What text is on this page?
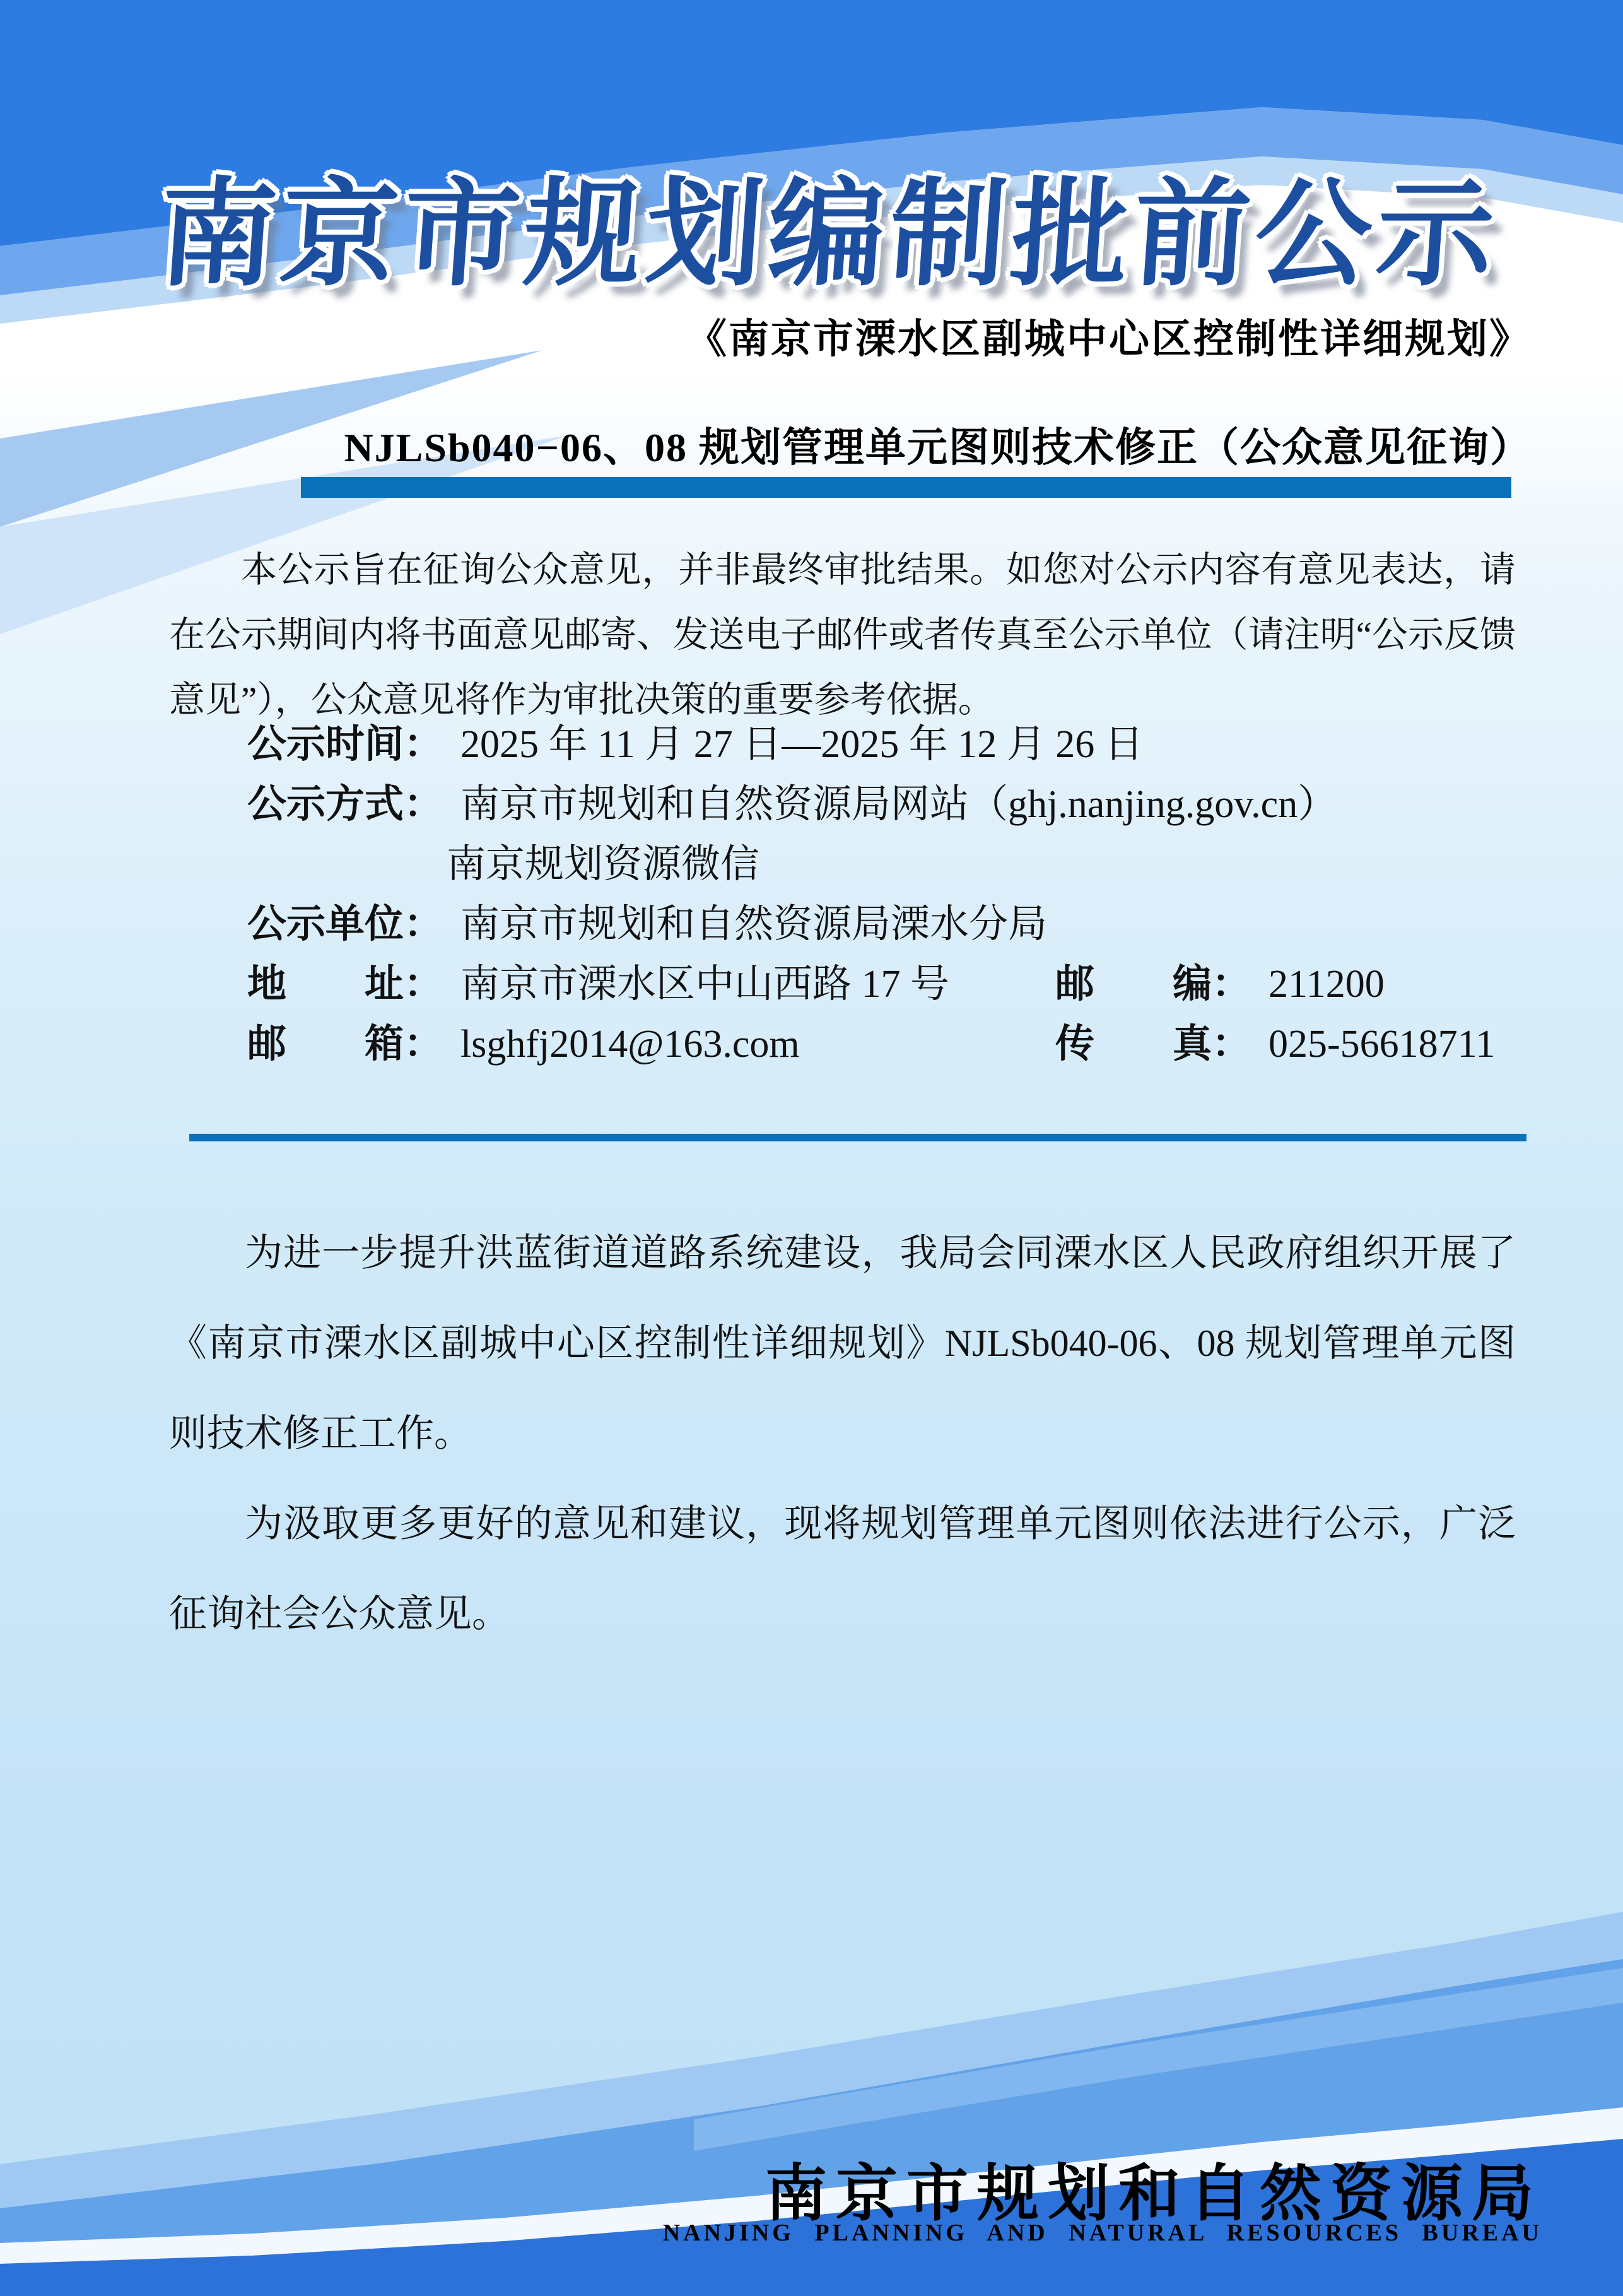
南京市规划编制批前公示

《南京市溧水区副城中心区控制性详细规划》

NJLSb040−06、08 规划管理单元图则技术修正（公众意见征询）

本公示旨在征询公众意见，并非最终审批结果。如您对公示内容有意见表达，请在公示期间内将书面意见邮寄、发送电子邮件或者传真至公示单位（请注明“公示反馈意见”），公众意见将作为审批决策的重要参考依据。

公示时间： 2025 年 11 月 27 日—2025 年 12 月 26 日
公示方式： 南京市规划和自然资源局网站（ghj.nanjing.gov.cn）
南京规划资源微信
公示单位： 南京市规划和自然资源局溧水分局
地　　址： 南京市溧水区中山西路 17 号	邮　　编： 211200
邮　　箱： lsghfj2014@163.com	传　　真： 025-56618711

为进一步提升洪蓝街道道路系统建设，我局会同溧水区人民政府组织开展了《南京市溧水区副城中心区控制性详细规划》NJLSb040-06、08 规划管理单元图则技术修正工作。

为汲取更多更好的意见和建议，现将规划管理单元图则依法进行公示，广泛征询社会公众意见。

南京市规划和自然资源局
NANJING PLANNING AND NATURAL RESOURCES BUREAU
